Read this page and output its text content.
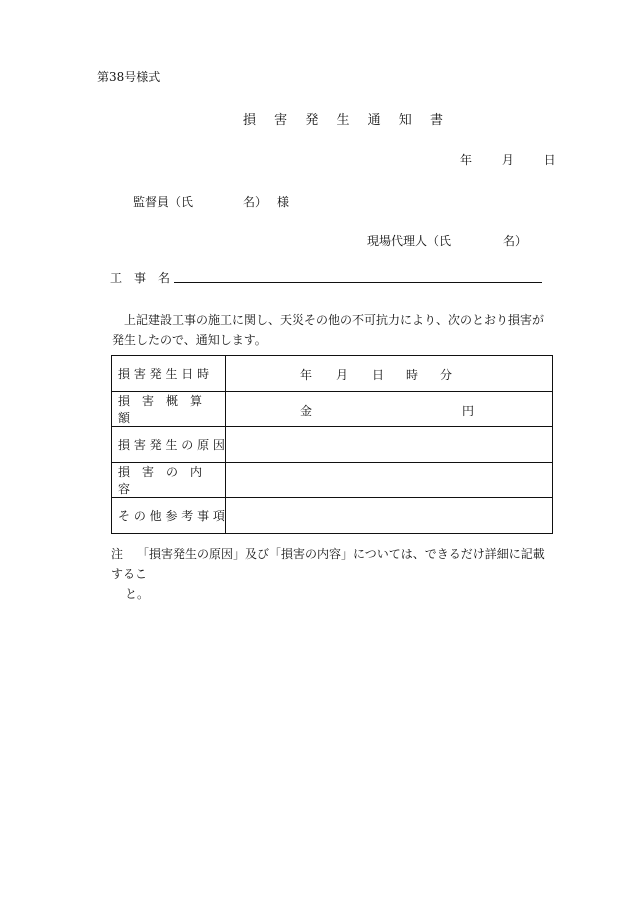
第38号様式
損 害 発 生 通 知 書
年 月 日
監督員（氏	名） 様
現場代理人（氏	名）
工　事　名
上記建設工事の施工に関し、天災その他の不可抗力により、次のとおり損害が発生したので、通知します。
損 害 発 生 日 時	年 月 日 時 分

損　害　概　算　額	金 円

損 害 発 生 の 原 因	
損　害　の　内　容	
そ の 他 参 考 事 項	
注 「損害発生の原因」及び「損害の内容」については、できるだけ詳細に記載するこ
と。
